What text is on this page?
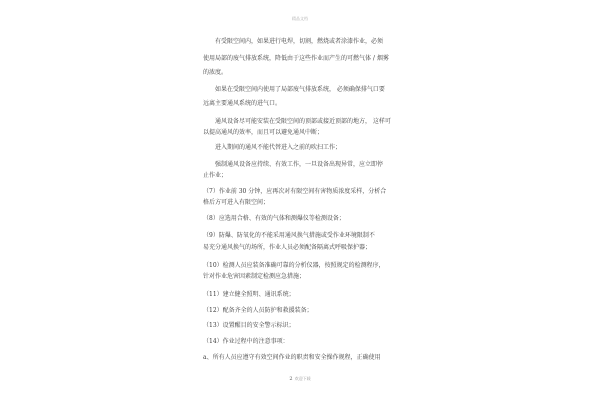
精品文档
有受限空间内，如果进行电焊，切割，燃烧或者涂漆作业，必须
使用局部的废气排放系统，降低由于这些作业而产生的可燃气体 / 烟雾
的浓度。
如果在受限空间内使用了局部废气排放系统， 必须确保排气口要
远离主要通风系统的进气口。
通风设备尽可能安装在受限空间的顶部或接近顶部的地方， 这样可
以提高通风的效率，而且可以避免通风中断；
进入期间的通风不能代替进入之前的吹扫工作；
强制通风设备应持续、有效工作，一旦设备出现异常，应立即停
止作业；
（7）作业前 30 分钟，应再次对有限空间有害物质浓度采样，分析合
格后方可进入有限空间；
（8）应选用合格、有效的气体和测爆仪等检测设备；
（9）防爆、防氧化的不能采用通风换气措施或受作业环境限制不
易充分通风换气的场所，作业人员必须配备隔离式呼吸保护器；
（10）检测人员应装备准确可靠的分析仪器，按照规定的检测程序，
针对作业危害因素制定检测应急措施；
（11）建立健全照明、通讯系统；
（12）配备齐全的人员防护和救援装备；
（13）设置醒目的安全警示标识；
（14）作业过程中的注意事项：
a、所有人员应遵守有效空间作业的职责和安全操作规程，正确使用
2 欢迎下载
